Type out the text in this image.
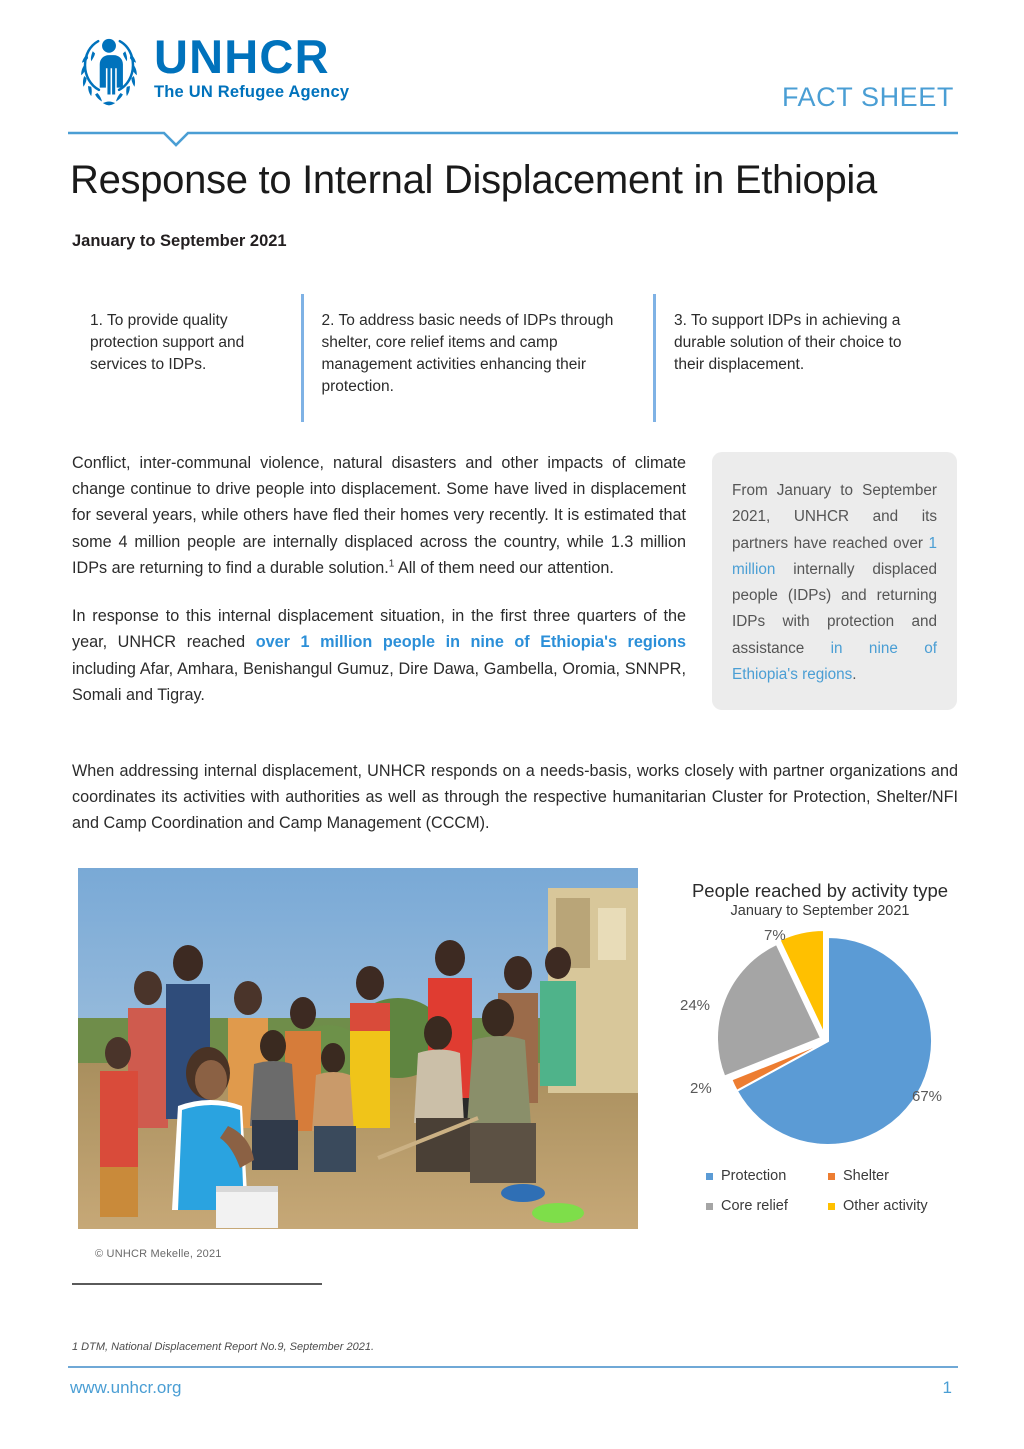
UNHCR
The UN Refugee Agency	FACT SHEET
Response to Internal Displacement in Ethiopia
January to September 2021
1. To provide quality protection support and services to IDPs.
2. To address basic needs of IDPs through shelter, core relief items and camp management activities enhancing their protection.
3. To support IDPs in achieving a durable solution of their choice to their displacement.

Conflict, inter-communal violence, natural disasters and other impacts of climate change continue to drive people into displacement. Some have lived in displacement for several years, while others have fled their homes very recently. It is estimated that some 4 million people are internally displaced across the country, while 1.3 million IDPs are returning to find a durable solution.$^1$ All of them need our attention.

In response to this internal displacement situation, in the first three quarters of the year, UNHCR reached over 1 million people in nine of Ethiopia's regions including Afar, Amhara, Benishangul Gumuz, Dire Dawa, Gambella, Oromia, SNNPR, Somali and Tigray.

From January to September 2021, UNHCR and its partners have reached over 1 million internally displaced people (IDPs) and returning IDPs with protection and assistance in nine of Ethiopia's regions.

When addressing internal displacement, UNHCR responds on a needs-basis, works closely with partner organizations and coordinates its activities with authorities as well as through the respective humanitarian Cluster for Protection, Shelter/NFI and Camp Coordination and Camp Management (CCCM).

© UNHCR Mekelle, 2021
People reached by activity type
January to September 2021
7%
24%
2%	67%
Protection	Shelter
Core relief	Other activity
1 DTM, National Displacement Report No.9, September 2021.
www.unhcr.org	1
